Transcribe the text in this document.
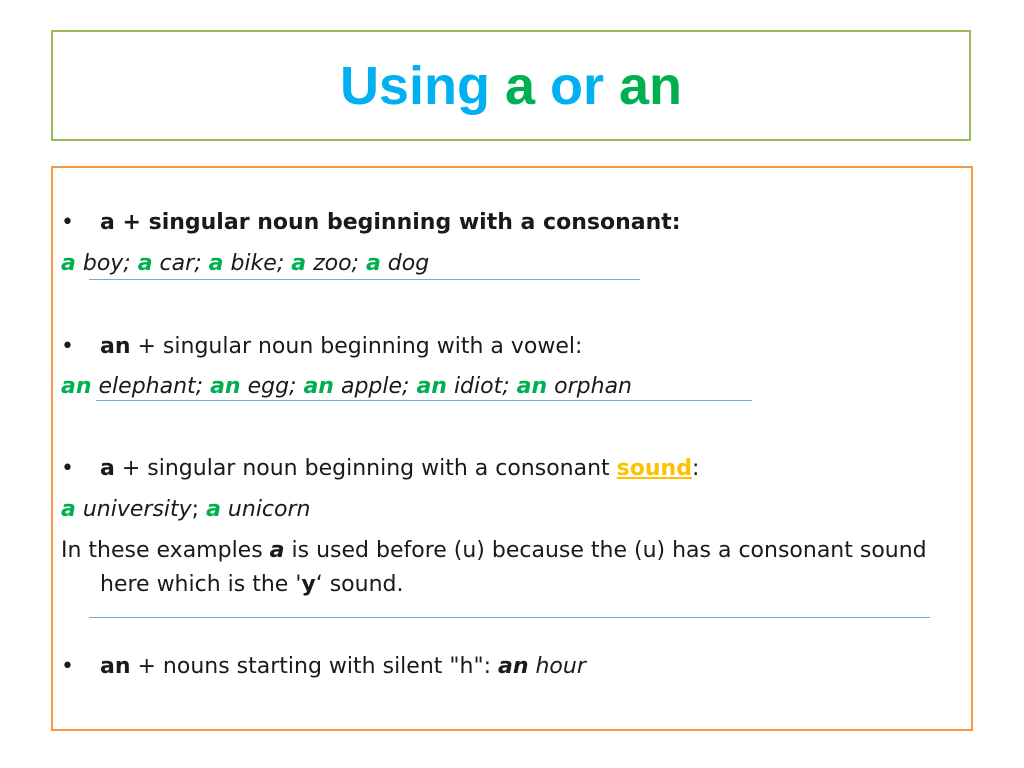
Using a or an
• a + singular noun beginning with a consonant:
a boy; a car; a bike; a zoo; a dog
• an + singular noun beginning with a vowel:
an elephant; an egg; an apple; an idiot; an orphan
• a + singular noun beginning with a consonant sound:
a university; a unicorn
In these examples a is used before (u) because the (u) has a consonant sound
here which is the 'y‘ sound.
• an + nouns starting with silent "h": an hour
